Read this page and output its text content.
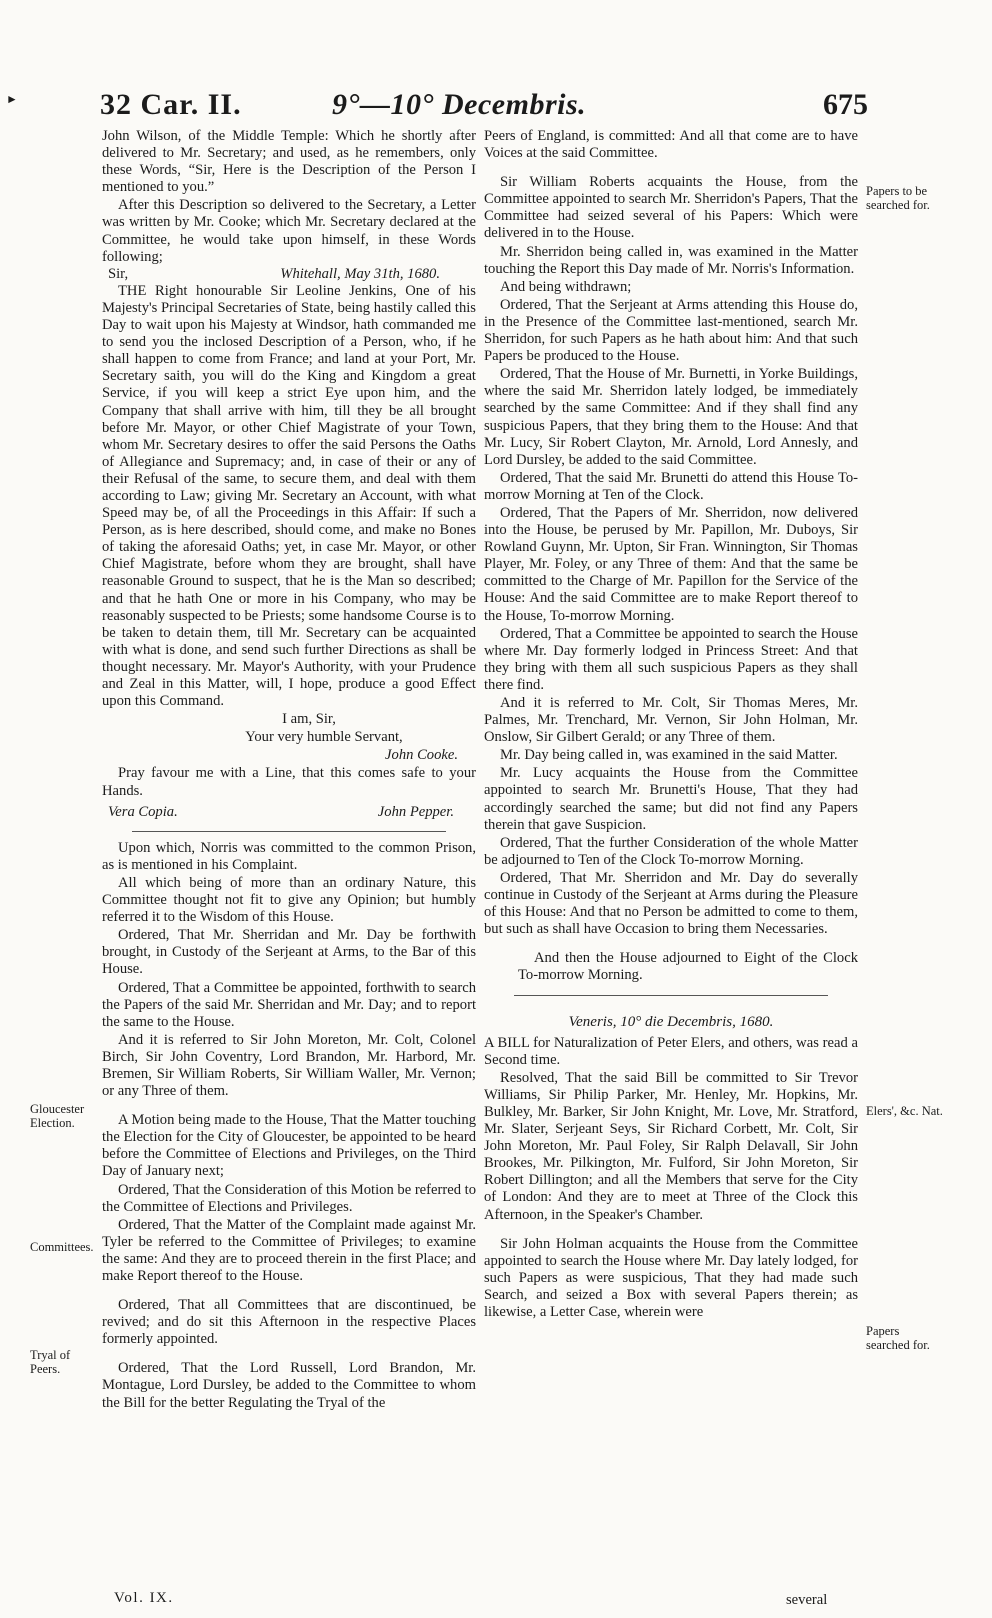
►	32 Car. II.	9°—10° Decembris.	675

John Wilson, of the Middle Temple: Which he shortly after delivered to Mr. Secretary; and used, as he remembers, only these Words, “Sir, Here is the Description of the Person I mentioned to you.”

After this Description so delivered to the Secretary, a Letter was written by Mr. Cooke; which Mr. Secretary declared at the Committee, he would take upon himself, in these Words following;

Sir,	Whitehall, May 31th, 1680.

THE Right honourable Sir Leoline Jenkins, One of his Majesty's Principal Secretaries of State, being hastily called this Day to wait upon his Majesty at Windsor, hath commanded me to send you the inclosed Description of a Person, who, if he shall happen to come from France; and land at your Port, Mr. Secretary saith, you will do the King and Kingdom a great Service, if you will keep a strict Eye upon him, and the Company that shall arrive with him, till they be all brought before Mr. Mayor, or other Chief Magistrate of your Town, whom Mr. Secretary desires to offer the said Persons the Oaths of Allegiance and Supremacy; and, in case of their or any of their Refusal of the same, to secure them, and deal with them according to Law; giving Mr. Secretary an Account, with what Speed may be, of all the Proceedings in this Affair: If such a Person, as is here described, should come, and make no Bones of taking the aforesaid Oaths; yet, in case Mr. Mayor, or other Chief Magistrate, before whom they are brought, shall have reasonable Ground to suspect, that he is the Man so described; and that he hath One or more in his Company, who may be reasonably suspected to be Priests; some handsome Course is to be taken to detain them, till Mr. Secretary can be acquainted with what is done, and send such further Directions as shall be thought necessary. Mr. Mayor's Authority, with your Prudence and Zeal in this Matter, will, I hope, produce a good Effect upon this Command.

I am, Sir,

Your very humble Servant,

John Cooke.

Pray favour me with a Line, that this comes safe to your Hands.

Vera Copia.	John Pepper.

Upon which, Norris was committed to the common Prison, as is mentioned in his Complaint.

All which being of more than an ordinary Nature, this Committee thought not fit to give any Opinion; but humbly referred it to the Wisdom of this House.

Ordered, That Mr. Sherridan and Mr. Day be forthwith brought, in Custody of the Serjeant at Arms, to the Bar of this House.

Ordered, That a Committee be appointed, forthwith to search the Papers of the said Mr. Sherridan and Mr. Day; and to report the same to the House.

And it is referred to Sir John Moreton, Mr. Colt, Colonel Birch, Sir John Coventry, Lord Brandon, Mr. Harbord, Mr. Bremen, Sir William Roberts, Sir William Waller, Mr. Vernon; or any Three of them.

A Motion being made to the House, That the Matter touching the Election for the City of Gloucester, be appointed to be heard before the Committee of Elections and Privileges, on the Third Day of January next;

Ordered, That the Consideration of this Motion be referred to the Committee of Elections and Privileges.

Ordered, That the Matter of the Complaint made against Mr. Tyler be referred to the Committee of Privileges; to examine the same: And they are to proceed therein in the first Place; and make Report thereof to the House.

Ordered, That all Committees that are discontinued, be revived; and do sit this Afternoon in the respective Places formerly appointed.

Ordered, That the Lord Russell, Lord Brandon, Mr. Montague, Lord Dursley, be added to the Committee to whom the Bill for the better Regulating the Tryal of the

Peers of England, is committed: And all that come are to have Voices at the said Committee.

Sir William Roberts acquaints the House, from the Committee appointed to search Mr. Sherridon's Papers, That the Committee had seized several of his Papers: Which were delivered in to the House.

Mr. Sherridon being called in, was examined in the Matter touching the Report this Day made of Mr. Norris's Information.

And being withdrawn;

Ordered, That the Serjeant at Arms attending this House do, in the Presence of the Committee last-mentioned, search Mr. Sherridon, for such Papers as he hath about him: And that such Papers be produced to the House.

Ordered, That the House of Mr. Burnetti, in Yorke Buildings, where the said Mr. Sherridon lately lodged, be immediately searched by the same Committee: And if they shall find any suspicious Papers, that they bring them to the House: And that Mr. Lucy, Sir Robert Clayton, Mr. Arnold, Lord Annesly, and Lord Dursley, be added to the said Committee.

Ordered, That the said Mr. Brunetti do attend this House To-morrow Morning at Ten of the Clock.

Ordered, That the Papers of Mr. Sherridon, now delivered into the House, be perused by Mr. Papillon, Mr. Duboys, Sir Rowland Guynn, Mr. Upton, Sir Fran. Winnington, Sir Thomas Player, Mr. Foley, or any Three of them: And that the same be committed to the Charge of Mr. Papillon for the Service of the House: And the said Committee are to make Report thereof to the House, To-morrow Morning.

Ordered, That a Committee be appointed to search the House where Mr. Day formerly lodged in Princess Street: And that they bring with them all such suspicious Papers as they shall there find.

And it is referred to Mr. Colt, Sir Thomas Meres, Mr. Palmes, Mr. Trenchard, Mr. Vernon, Sir John Holman, Mr. Onslow, Sir Gilbert Gerald; or any Three of them.

Mr. Day being called in, was examined in the said Matter.

Mr. Lucy acquaints the House from the Committee appointed to search Mr. Brunetti's House, That they had accordingly searched the same; but did not find any Papers therein that gave Suspicion.

Ordered, That the further Consideration of the whole Matter be adjourned to Ten of the Clock To-morrow Morning.

Ordered, That Mr. Sherridon and Mr. Day do severally continue in Custody of the Serjeant at Arms during the Pleasure of this House: And that no Person be admitted to come to them, but such as shall have Occasion to bring them Necessaries.

And then the House adjourned to Eight of the Clock To-morrow Morning.

Veneris, 10° die Decembris, 1680.

A BILL for Naturalization of Peter Elers, and others, was read a Second time.

Resolved, That the said Bill be committed to Sir Trevor Williams, Sir Philip Parker, Mr. Henley, Mr. Hopkins, Mr. Bulkley, Mr. Barker, Sir John Knight, Mr. Love, Mr. Stratford, Mr. Slater, Serjeant Seys, Sir Richard Corbett, Mr. Colt, Sir John Moreton, Mr. Paul Foley, Sir Ralph Delavall, Sir John Brookes, Mr. Pilkington, Mr. Fulford, Sir John Moreton, Sir Robert Dillington; and all the Members that serve for the City of London: And they are to meet at Three of the Clock this Afternoon, in the Speaker's Chamber.

Sir John Holman acquaints the House from the Committee appointed to search the House where Mr. Day lately lodged, for such Papers as were suspicious, That they had made such Search, and seized a Box with several Papers therein; as likewise, a Letter Case, wherein were

Gloucester Election.
Committees.
Tryal of Peers.
Papers to be searched for.
Elers', &c. Nat.
Papers searched for.
Vol. IX.	several
